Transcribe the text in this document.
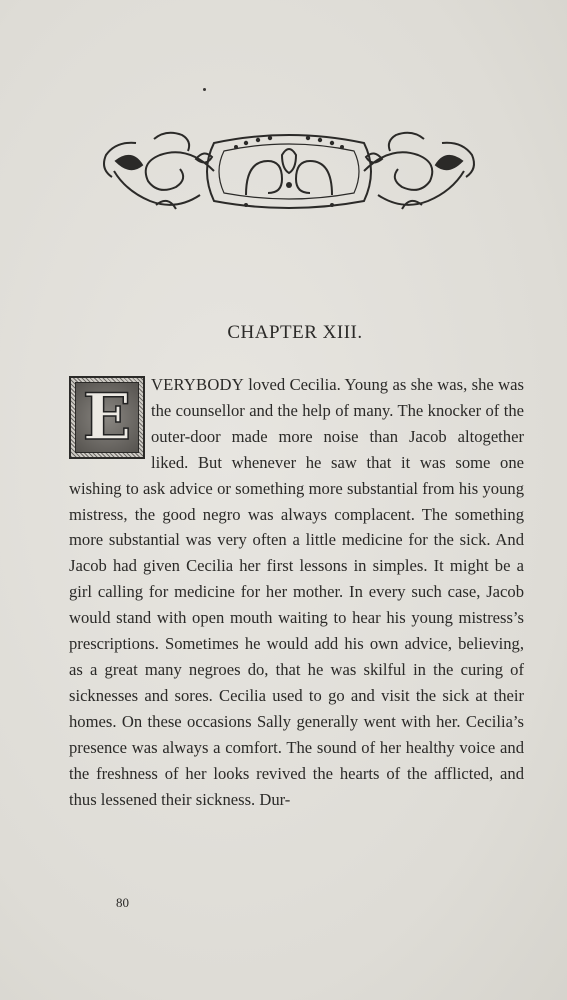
CHAPTER XIII.
E	VERYBODY loved Cecilia. Young as she was, she was the counsellor and the help of many. The knocker of the outer-door made more noise than Jacob altogether liked. But whenever he saw that it was some one wishing to ask advice or something more substantial from his young mistress, the good negro was always complacent. The something more substantial was very often a little medicine for the sick. And Jacob had given Cecilia her first lessons in simples. It might be a girl calling for medicine for her mother. In every such case, Jacob would stand with open mouth waiting to hear his young mistress’s prescriptions. Sometimes he would add his own advice, believing, as a great many negroes do, that he was skilful in the curing of sicknesses and sores. Cecilia used to go and visit the sick at their homes. On these occasions Sally generally went with her. Cecilia’s presence was always a comfort. The sound of her healthy voice and the freshness of her looks revived the hearts of the afflicted, and thus lessened their sickness. Dur-

80
